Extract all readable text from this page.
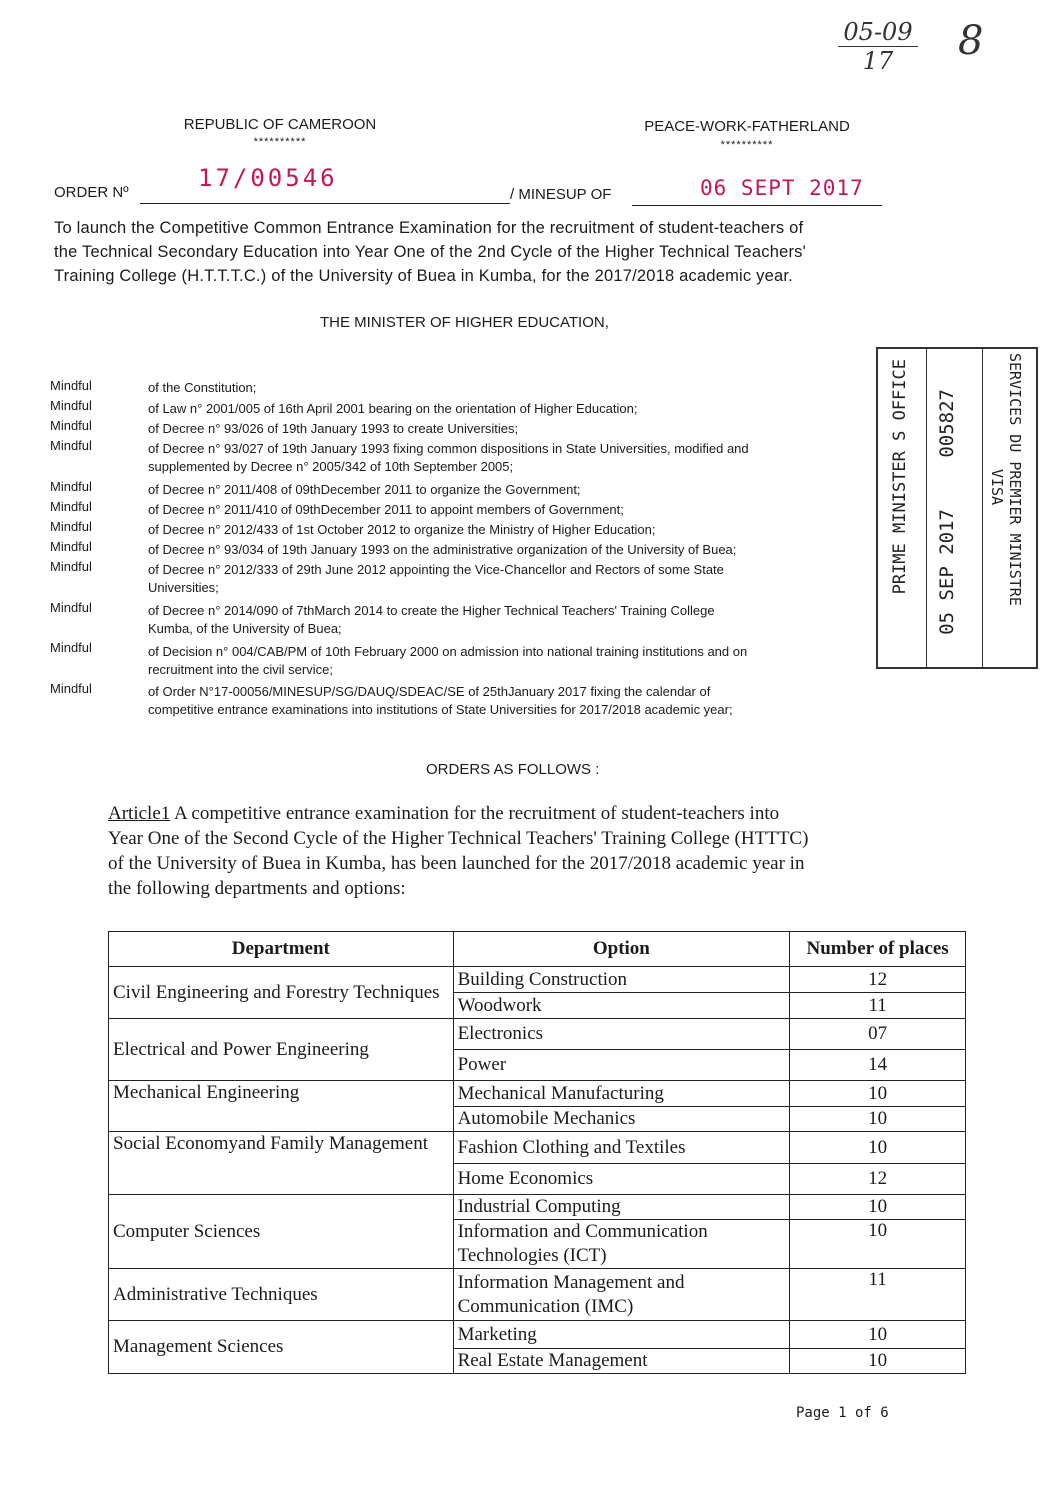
05-09
17	8
REPUBLIC OF CAMEROON
**********
PEACE-WORK-FATHERLAND
**********
ORDER Nº
17/00546
/ MINESUP OF	06 SEPT 2017
To launch the Competitive Common Entrance Examination for the recruitment of student-teachers of
the Technical Secondary Education into Year One of the 2nd Cycle of the Higher Technical Teachers'
Training College (H.T.T.T.C.) of the University of Buea in Kumba, for the 2017/2018 academic year.
THE MINISTER OF HIGHER EDUCATION,
Mindful	of the Constitution;
Mindful	of Law n° 2001/005 of 16th April 2001 bearing on the orientation of Higher Education;
Mindful	of Decree n° 93/026 of 19th January 1993 to create Universities;
Mindful	of Decree n° 93/027 of 19th January 1993 fixing common dispositions in State Universities, modified and
supplemented by Decree n° 2005/342 of 10th September 2005;
Mindful	of Decree n° 2011/408 of 09thDecember 2011 to organize the Government;
Mindful	of Decree n° 2011/410 of 09thDecember 2011 to appoint members of Government;
Mindful	of Decree n° 2012/433 of 1st October 2012 to organize the Ministry of Higher Education;
Mindful	of Decree n° 93/034 of 19th January 1993 on the administrative organization of the University of Buea;
Mindful	of Decree n° 2012/333 of 29th June 2012 appointing the Vice-Chancellor and Rectors of some State
Universities;
Mindful	of Decree n° 2014/090 of 7thMarch 2014 to create the Higher Technical Teachers' Training College
Kumba, of the University of Buea;
Mindful	of Decision n° 004/CAB/PM of 10th February 2000 on admission into national training institutions and on
recruitment into the civil service;
Mindful	of Order N°17-00056/MINESUP/SG/DAUQ/SDEAC/SE of 25thJanuary 2017 fixing the calendar of
competitive entrance examinations into institutions of State Universities for 2017/2018 academic year;
PRIME MINISTER S OFFICE 005827
05 SEP 2017	SERVICES DU PREMIER MINISTRE
VISA
ORDERS AS FOLLOWS :
Article1 A competitive entrance examination for the recruitment of student-teachers into
Year One of the Second Cycle of the Higher Technical Teachers' Training College (HTTTC)
of the University of Buea in Kumba, has been launched for the 2017/2018 academic year in
the following departments and options:
Department	Option	Number of places
Civil Engineering and Forestry Techniques	Building Construction	12
	Woodwork	11
Electrical and Power Engineering	Electronics	07
	Power	14
Mechanical Engineering	Mechanical Manufacturing	10
	Automobile Mechanics	10
Social Economyand Family Management	Fashion Clothing and Textiles	10
	Home Economics	12
Computer Sciences	Industrial Computing	10
	Information and Communication Technologies (ICT)	10
Administrative Techniques	Information Management and Communication (IMC)	11
Management Sciences	Marketing	10
	Real Estate Management	10
Page 1 of 6
